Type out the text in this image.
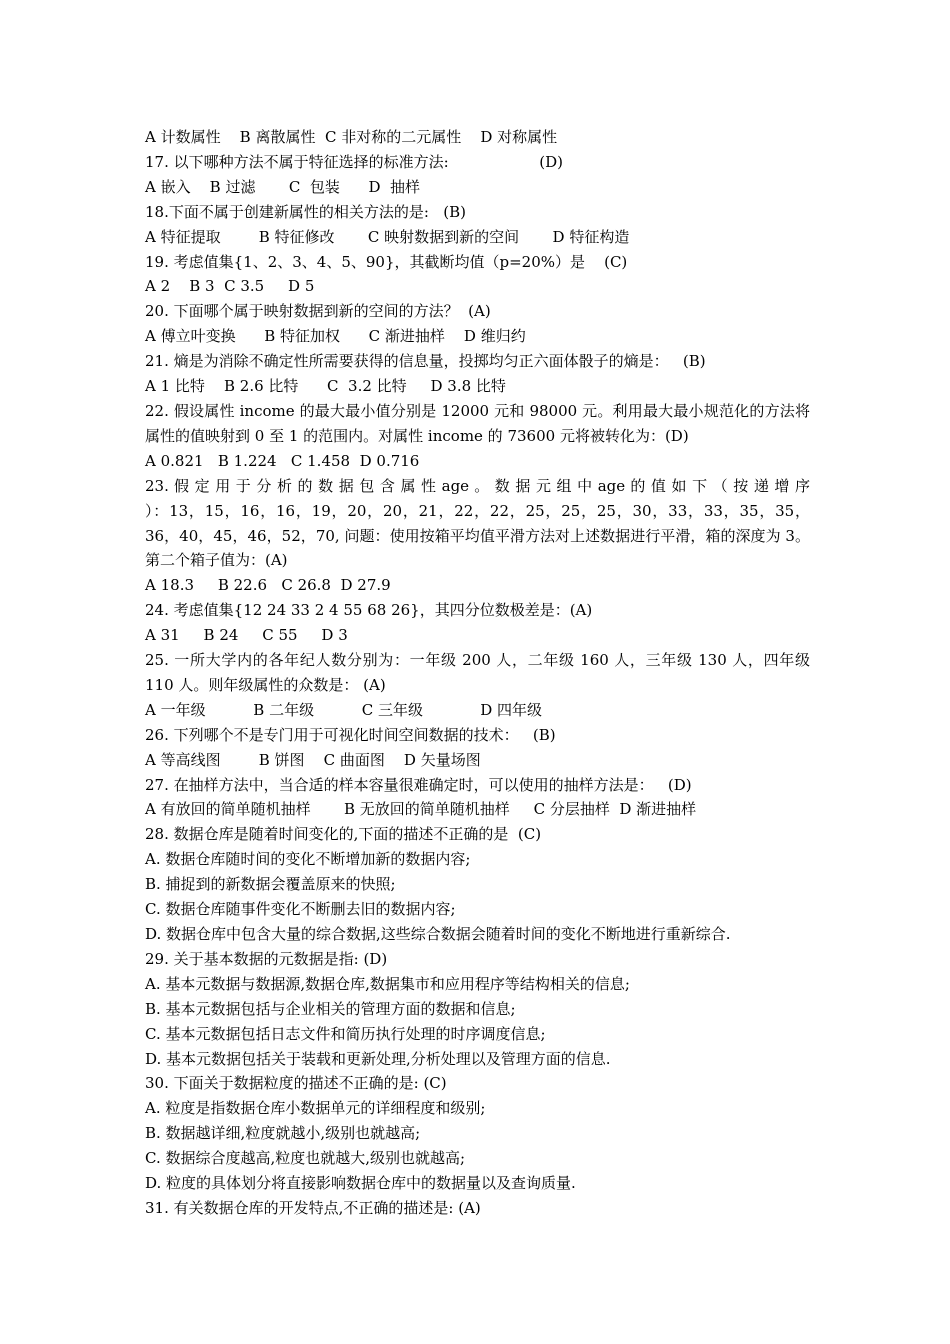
A 计数属性    B 离散属性  C 非对称的二元属性    D 对称属性
17. 以下哪种方法不属于特征选择的标准方法:                   (D)
A 嵌入    B 过滤       C  包装      D  抽样
18.下面不属于创建新属性的相关方法的是:   (B)
A 特征提取        B 特征修改       C 映射数据到新的空间       D 特征构造
19. 考虑值集{1、2、3、4、5、90}，其截断均值（p=20%）是    (C)
A 2    B 3  C 3.5     D 5
20. 下面哪个属于映射数据到新的空间的方法？  (A)
A 傅立叶变换      B 特征加权      C 渐进抽样    D 维归约
21. 熵是为消除不确定性所需要获得的信息量，投掷均匀正六面体骰子的熵是：   (B)
A 1 比特    B 2.6 比特      C  3.2 比特     D 3.8 比特
22. 假设属性 income 的最大最小值分别是 12000 元和 98000 元。利用最大最小规范化的方法将属性的值映射到 0 至 1 的范围内。对属性 income 的 73600 元将被转化为：(D)
A 0.821   B 1.224   C 1.458  D 0.716
23. 假 定 用 于 分 析 的 数 据 包 含 属 性 age 。 数 据 元 组 中 age 的 值 如 下 （ 按 递 增 序 ）：13，15，16，16，19，20，20，21，22，22，25，25，25，30，33，33，35，35，36，40，45，46，52，70, 问题：使用按箱平均值平滑方法对上述数据进行平滑，箱的深度为 3。第二个箱子值为：(A)
A 18.3     B 22.6   C 26.8  D 27.9
24. 考虑值集{12 24 33 2 4 55 68 26}，其四分位数极差是：(A)
A 31     B 24     C 55     D 3
25. 一所大学内的各年纪人数分别为：一年级 200 人，二年级 160 人，三年级 130 人，四年级 110 人。则年级属性的众数是： (A)
A 一年级          B 二年级          C 三年级            D 四年级
26. 下列哪个不是专门用于可视化时间空间数据的技术：   (B)
A 等高线图        B 饼图    C 曲面图    D 矢量场图
27. 在抽样方法中，当合适的样本容量很难确定时，可以使用的抽样方法是：   (D)
A 有放回的简单随机抽样       B 无放回的简单随机抽样     C 分层抽样  D 渐进抽样
28. 数据仓库是随着时间变化的,下面的描述不正确的是  (C)
A. 数据仓库随时间的变化不断增加新的数据内容;
B. 捕捉到的新数据会覆盖原来的快照;
C. 数据仓库随事件变化不断删去旧的数据内容;
D. 数据仓库中包含大量的综合数据,这些综合数据会随着时间的变化不断地进行重新综合.
29. 关于基本数据的元数据是指: (D)
A. 基本元数据与数据源,数据仓库,数据集市和应用程序等结构相关的信息;
B. 基本元数据包括与企业相关的管理方面的数据和信息;
C. 基本元数据包括日志文件和简历执行处理的时序调度信息;
D. 基本元数据包括关于装载和更新处理,分析处理以及管理方面的信息.
30. 下面关于数据粒度的描述不正确的是: (C)
A. 粒度是指数据仓库小数据单元的详细程度和级别;
B. 数据越详细,粒度就越小,级别也就越高;
C. 数据综合度越高,粒度也就越大,级别也就越高;
D. 粒度的具体划分将直接影响数据仓库中的数据量以及查询质量.
31. 有关数据仓库的开发特点,不正确的描述是: (A)
